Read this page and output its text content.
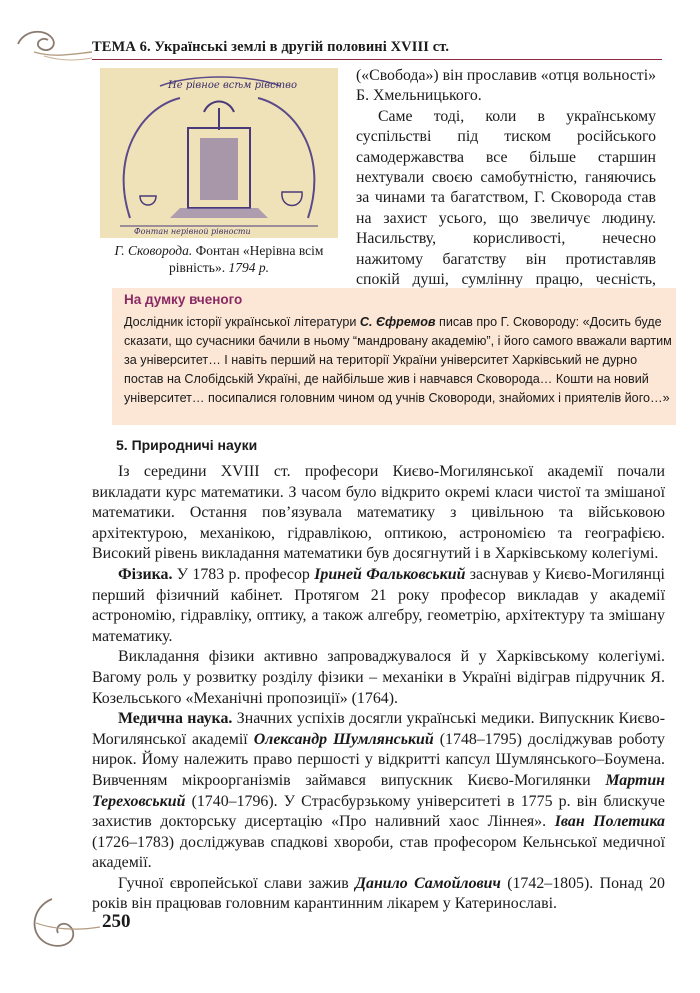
ТЕМА 6. Українські землі в другій половині XVIII ст.
Не рівное всѣм рівство
Фонтан нерівной рівности
Г. Сковорода. Фонтан «Нерівна всім рівність». 1794 р.

(«Свобода») він прославив «отця вольності» Б. Хмельницького.

Саме тоді, коли в українському суспільстві під тиском російського самодержавства все більше старшин нехтували своєю самобутністю, ганяючись за чинами та багатством, Г. Сковорода став на захист усього, що звеличує людину. Насильству, корисливості, нечесно нажитому багатству він протиставляв спокій душі, сумлінну працю, чесність,

На думку вченого
Дослідник історії української літератури С. Єфремов писав про Г. Сковороду: «Досить буде сказати, що сучасники бачили в ньому “мандровану академію”, і його самого вважали вартим за університет… І навіть перший на території України університет Харківський не дурно постав на Слобідській Україні, де найбільше жив і навчався Сковорода… Кошти на новий університет… посипалися головним чином од учнів Сковороди, знайомих і приятелів його…»
5. Природничі науки

Із середини XVIII ст. професори Києво-Могилянської академії почали викладати курс математики. З часом було відкрито окремі класи чистої та змішаної математики. Остання пов’язувала математику з цивільною та військовою архітектурою, механікою, гідравлікою, оптикою, астрономією та географією. Високий рівень викладання математики був досягнутий і в Харківському колегіумі.

Фізика. У 1783 р. професор Іриней Фальковський заснував у Києво-Могилянці перший фізичний кабінет. Протягом 21 року професор викладав у академії астрономію, гідравліку, оптику, а також алгебру, геометрію, архітектуру та змішану математику.

Викладання фізики активно запроваджувалося й у Харківському колегіумі. Вагому роль у розвитку розділу фізики – механіки в Україні відіграв підручник Я. Козельського «Механічні пропозиції» (1764).

Медична наука. Значних успіхів досягли українські медики. Випускник Києво-Могилянської академії Олександр Шумлянський (1748–1795) досліджував роботу нирок. Йому належить право першості у відкритті капсул Шумлянського–Боумена. Вивченням мікроорганізмів займався випускник Києво-Могилянки Мартин Тереховський (1740–1796). У Страсбурзькому університеті в 1775 р. він блискуче захистив докторську дисертацію «Про наливний хаос Ліннея». Іван Полетика (1726–1783) досліджував спадкові хвороби, став професором Кельнської медичної академії.

Гучної європейської слави зажив Данило Самойлович (1742–1805). Понад 20 років він працював головним карантинним лікарем у Катеринославі.

250
